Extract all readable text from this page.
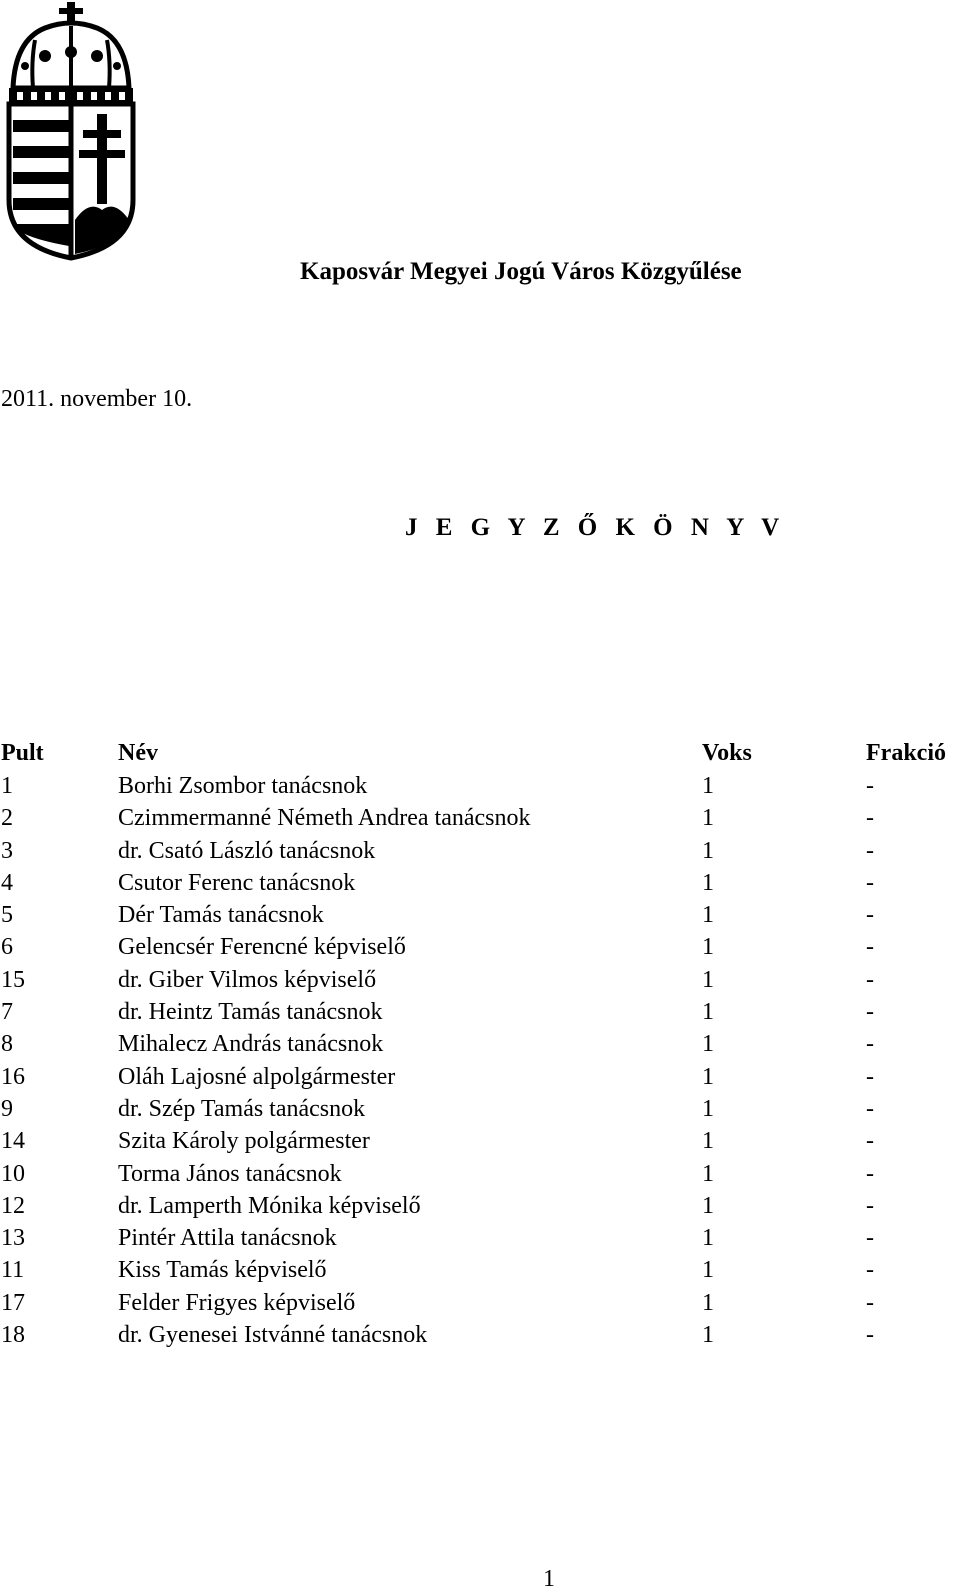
Kaposvár Megyei Jogú Város Közgyűlése
2011. november 10.
J E G Y Z Ő K Ö N Y V
Pult	Név	Voks	Frakció
1	Borhi Zsombor tanácsnok	1	-
2	Czimmermanné Németh Andrea tanácsnok	1	-
3	dr. Csató László tanácsnok	1	-
4	Csutor Ferenc tanácsnok	1	-
5	Dér Tamás tanácsnok	1	-
6	Gelencsér Ferencné képviselő	1	-
15	dr. Giber Vilmos képviselő	1	-
7	dr. Heintz Tamás tanácsnok	1	-
8	Mihalecz András tanácsnok	1	-
16	Oláh Lajosné alpolgármester	1	-
9	dr. Szép Tamás tanácsnok	1	-
14	Szita Károly polgármester	1	-
10	Torma János tanácsnok	1	-
12	dr. Lamperth Mónika képviselő	1	-
13	Pintér Attila tanácsnok	1	-
11	Kiss Tamás képviselő	1	-
17	Felder Frigyes képviselő	1	-
18	dr. Gyenesei Istvánné tanácsnok	1	-
1
